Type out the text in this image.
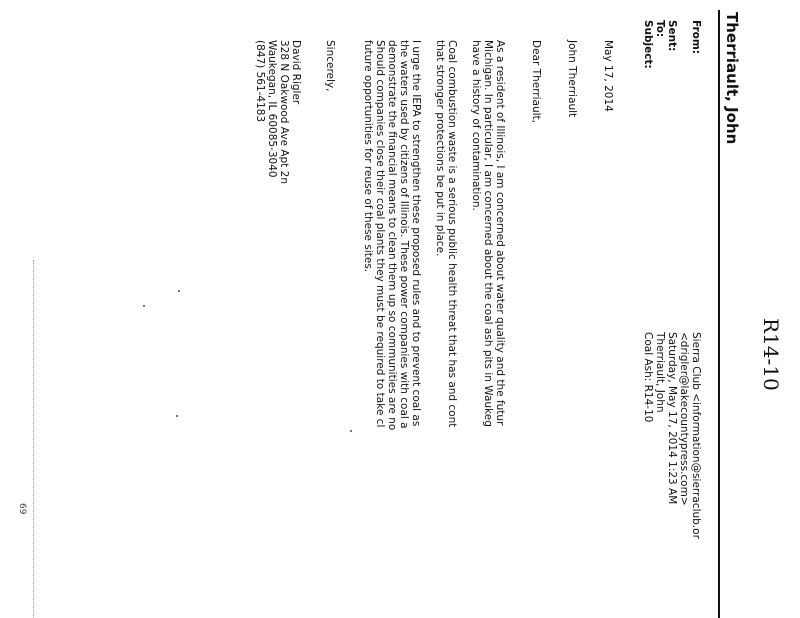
R14-10
Therriault, John
From:
Sent:
To:
Subject:
Sierra Club <information@sierraclub.or
<drigler@lakecountypress.com>
Saturday, May 17, 2014 1:23 AM
Therriault, John
Coal Ash: R14-10
May 17, 2014
John Therriault
Dear Therriault,
As a resident of Illinois, I am concerned about water quality and the futur
Michigan. In particular, I am concerned about the coal ash pits in Waukeg
have a history of contamination.
Coal combustion waste is a serious public health threat that has and cont
that stronger protections be put in place.
I urge the IEPA to strengthen these proposed rules and to prevent coal as
the waters used by citizens of Illinois. These power companies with coal a
demonstrate the financial means to clean them up so communities are no
Should companies close their coal plants they must be required to take cl
future opportunities for reuse of these sites.
Sincerely,
David Rigler
328 N Oakwood Ave Apt 2n
Waukegan, IL 60085-3040
(847) 561-4183
69
